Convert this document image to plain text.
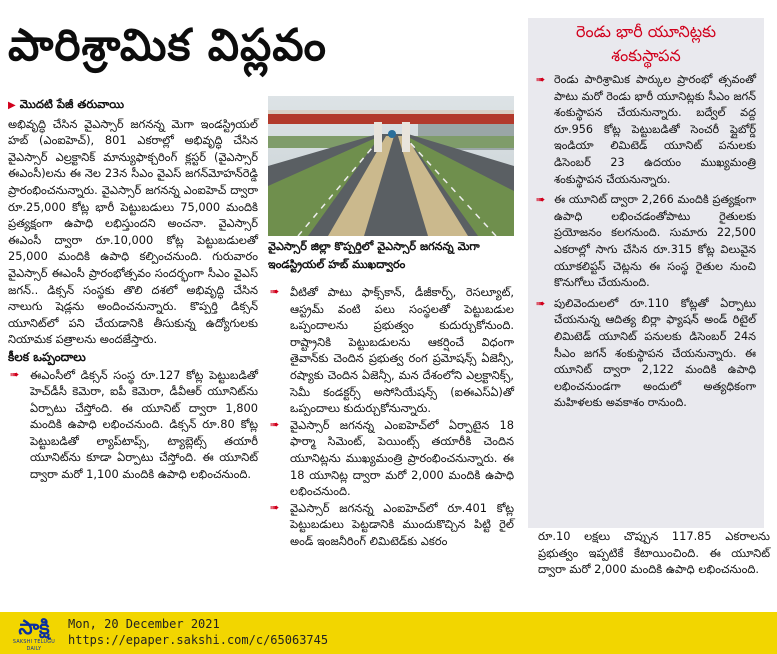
పారిశ్రామిక విప్లవం
▶ మొదటి పేజీ తరువాయి

అభివృద్ధి చేసిన వైఎస్సార్ జగనన్న మెగా ఇండస్ట్రియల్ హబ్ (ఎంఐహెచ్), 801 ఎకరాల్లో అభివృద్ధి చేసిన వైఎస్సార్ ఎల్రక్టానిక్ మాన్యుఫాక్చరింగ్ క్లస్టర్ (వైఎస్సార్ ఈఎంసీ)లను ఈ నెల 23న సీఎం వైఎస్ జగన్‌మోహన్‌రెడ్డి ప్రారంభించనున్నారు. వైఎస్సార్ జగనన్న ఎంఐహెచ్ ద్వారా రూ.25,000 కోట్ల భారీ పెట్టుబడులు 75,000 మందికి ప్రత్యక్షంగా ఉపాధి లభిస్తుందని అంచనా. వైఎస్సార్ ఈఎంసీ ద్వారా రూ.10,000 కోట్ల పెట్టుబడులతో 25,000 మందికి ఉపాధి కల్పించనుంది. గురువారం వైఎస్సార్ ఈఎంసీ ప్రారంభోత్సవం సందర్భంగా సీఎం వైఎస్ జగన్.. డిక్సన్ సంస్థకు తొలి దశలో అభివృద్ధి చేసిన నాలుగు షెడ్లను అందించనున్నారు. కొప్పర్తి డిక్సన్ యూనిట్‌లో పని చేయడానికి తీసుకున్న ఉద్యోగులకు నియామక పత్రాలను అందజేస్తారు.

కీలక ఒప్పందాలు
➠ ఈఎంసీలో డిక్సన్ సంస్థ రూ.127 కోట్ల పెట్టుబడితో హెచ్‌డీసీ కెమెరా, ఐపీ కెమెరా, డీవీఆర్ యూనిట్‌ను ఏర్పాటు చేస్తోంది. ఈ యూనిట్ ద్వారా 1,800 మందికి ఉపాధి లభించనుంది. డిక్సన్ రూ.80 కోట్ల పెట్టుబడితో ల్యాప్‌టాప్స్, ట్యాబ్లెట్స్ తయారీ యూనిట్‌ను కూడా ఏర్పాటు చేస్తోంది. ఈ యూనిట్ ద్వారా మరో 1,100 మందికి ఉపాధి లభించనుంది.
వైఎస్సార్ జిల్లా కొప్పర్తిలో వైఎస్సార్ జగనన్న మెగా ఇండస్ట్రియల్ హబ్ ముఖద్వారం
➠ వీటితో పాటు ఫాక్స్‌కాన్, డీజీకార్ప్, రెసల్యూట్, ఆస్ట్రమ్ వంటి పలు సంస్థలతో పెట్టుబడుల ఒప్పందాలను ప్రభుత్వం కుదుర్చుకోనుంది. రాష్ట్రానికి పెట్టుబడులను ఆకర్షించే విధంగా తైవాన్‌కు చెందిన ప్రభుత్వ రంగ ప్రమోషన్స్ ఏజెన్సీ, రష్యాకు చెందిన ఏజెన్సీ, మన దేశంలోని ఎల్రక్టానిక్స్, సెమీ కండక్టర్స్ అసోసియేషన్స్ (ఐఈఎస్ఏ)తో ఒప్పందాలు కుదుర్చుకోనున్నారు.
➠ వైఎస్సార్ జగనన్న ఎంఐహెచ్‌లో ఏర్పాటైన 18 ఫార్మా సిమెంట్, పెయింట్స్ తయారీకి చెందిన యూనిట్లను ముఖ్యమంత్రి ప్రారంభించనున్నారు. ఈ 18 యూనిట్ల ద్వారా మరో 2,000 మందికి ఉపాధి లభించనుంది.
➠ వైఎస్సార్ జగనన్న ఎంఐహెచ్‌లో రూ.401 కోట్ల పెట్టుబడులు పెట్టడానికి ముందుకొచ్చిన పిట్టి రైల్ అండ్ ఇంజనీరింగ్ లిమిటెడ్‌కు ఎకరం
రెండు భారీ యూనిట్లకు
శంకుస్థాపన
➠ రెండు పారిశ్రామిక పార్కుల ప్రారంభో త్సవంతో పాటు మరో రెండు భారీ యూనిట్లకు సీఎం జగన్ శంకుస్థాపన చేయనున్నారు. బద్వేల్ వద్ద రూ.956 కోట్ల పెట్టుబడితో సెంచరీ ప్లైబోర్డ్ ఇండియా లిమిటెడ్ యూనిట్ పనులకు డిసెంబర్ 23 ఉదయం ముఖ్యమంత్రి శంకుస్థాపన చేయనున్నారు.
➠ ఈ యూనిట్ ద్వారా 2,266 మందికి ప్రత్యక్షంగా ఉపాధి లభించడంతోపాటు రైతులకు ప్రయోజనం కలగనుంది. సుమారు 22,500 ఎకరాల్లో సాగు చేసిన రూ.315 కోట్ల విలువైన యూకలిప్టస్ చెట్లను ఈ సంస్థ రైతుల నుంచి కొనుగోలు చేయనుంది.
➠ పులివెందులలో రూ.110 కోట్లతో ఏర్పాటు చేయనున్న ఆదిత్య బిర్లా ఫ్యాషన్ అండ్ రిటైల్ లిమిటెడ్ యూనిట్ పనులకు డిసెంబర్ 24న సీఎం జగన్ శంకుస్థాపన చేయనున్నారు. ఈ యూనిట్ ద్వారా 2,122 మందికి ఉపాధి లభించనుండగా అందులో అత్యధికంగా మహిళలకు అవకాశం రానుంది.
రూ.10 లక్షలు చొప్పున 117.85 ఎకరాలను ప్రభుత్వం ఇప్పటికే కేటాయించింది. ఈ యూనిట్ ద్వారా మరో 2,000 మందికి ఉపాధి లభించనుంది.
సాక్షి
SAKSHI TELUGU DAILY
Mon, 20 December 2021
https://epaper.sakshi.com/c/65063745
